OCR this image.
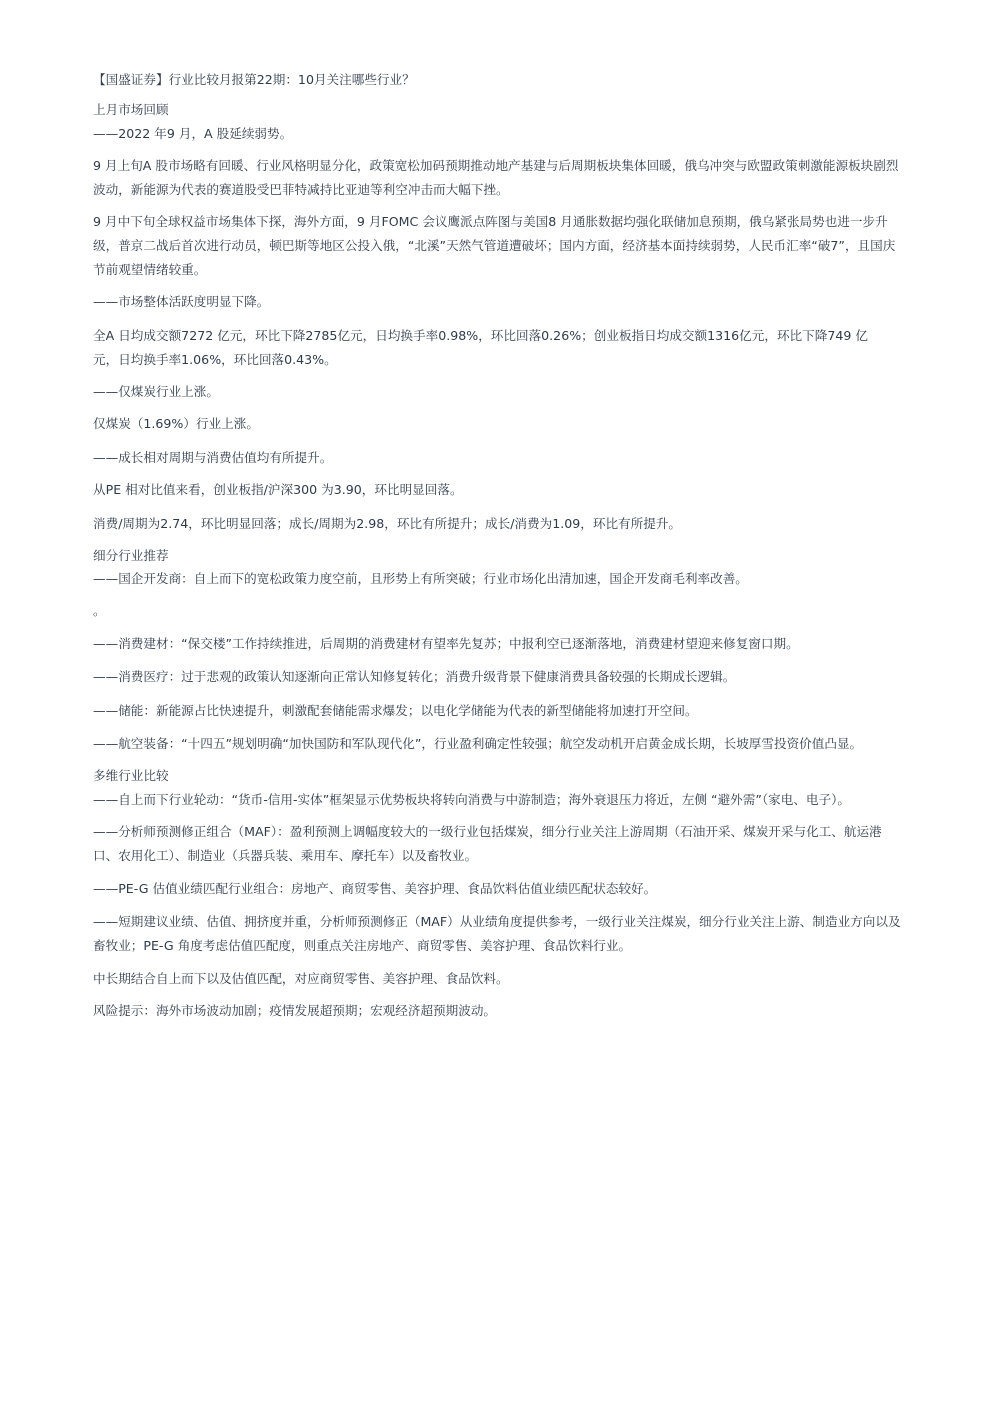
【国盛证券】行业比较月报第22期：10月关注哪些行业？
上月市场回顾
——2022 年9 月，A 股延续弱势。
9 月上旬A 股市场略有回暖、行业风格明显分化，政策宽松加码预期推动地产基建与后周期板块集体回暖，俄乌冲突与欧盟政策刺激能源板块剧烈
波动，新能源为代表的赛道股受巴菲特减持比亚迪等利空冲击而大幅下挫。
9 月中下旬全球权益市场集体下探，海外方面，9 月FOMC 会议鹰派点阵图与美国8 月通胀数据均强化联储加息预期，俄乌紧张局势也进一步升
级，普京二战后首次进行动员，顿巴斯等地区公投入俄，“北溪”天然气管道遭破坏；国内方面，经济基本面持续弱势，人民币汇率“破7”，且国庆
节前观望情绪较重。
——市场整体活跃度明显下降。
全A 日均成交额7272 亿元，环比下降2785亿元，日均换手率0.98%，环比回落0.26%；创业板指日均成交额1316亿元，环比下降749 亿
元，日均换手率1.06%，环比回落0.43%。
——仅煤炭行业上涨。
仅煤炭（1.69%）行业上涨。
——成长相对周期与消费估值均有所提升。
从PE 相对比值来看，创业板指/沪深300 为3.90，环比明显回落。
消费/周期为2.74，环比明显回落；成长/周期为2.98，环比有所提升；成长/消费为1.09，环比有所提升。
细分行业推荐
——国企开发商：自上而下的宽松政策力度空前，且形势上有所突破；行业市场化出清加速，国企开发商毛利率改善。
。
——消费建材：“保交楼”工作持续推进，后周期的消费建材有望率先复苏；中报利空已逐渐落地，消费建材望迎来修复窗口期。
——消费医疗：过于悲观的政策认知逐渐向正常认知修复转化；消费升级背景下健康消费具备较强的长期成长逻辑。
——储能：新能源占比快速提升，刺激配套储能需求爆发；以电化学储能为代表的新型储能将加速打开空间。
——航空装备：“十四五”规划明确“加快国防和军队现代化”，行业盈利确定性较强；航空发动机开启黄金成长期，长坡厚雪投资价值凸显。
多维行业比较
——自上而下行业轮动：“货币-信用-实体”框架显示优势板块将转向消费与中游制造；海外衰退压力将近，左侧 “避外需”（家电、电子）。
——分析师预测修正组合（MAF）：盈利预测上调幅度较大的一级行业包括煤炭，细分行业关注上游周期（石油开采、煤炭开采与化工、航运港
口、农用化工）、制造业（兵器兵装、乘用车、摩托车）以及畜牧业。
——PE-G 估值业绩匹配行业组合：房地产、商贸零售、美容护理、食品饮料估值业绩匹配状态较好。
——短期建议业绩、估值、拥挤度并重，分析师预测修正（MAF）从业绩角度提供参考，一级行业关注煤炭，细分行业关注上游、制造业方向以及
畜牧业；PE-G 角度考虑估值匹配度，则重点关注房地产、商贸零售、美容护理、食品饮料行业。
中长期结合自上而下以及估值匹配，对应商贸零售、美容护理、食品饮料。
风险提示：海外市场波动加剧；疫情发展超预期；宏观经济超预期波动。
